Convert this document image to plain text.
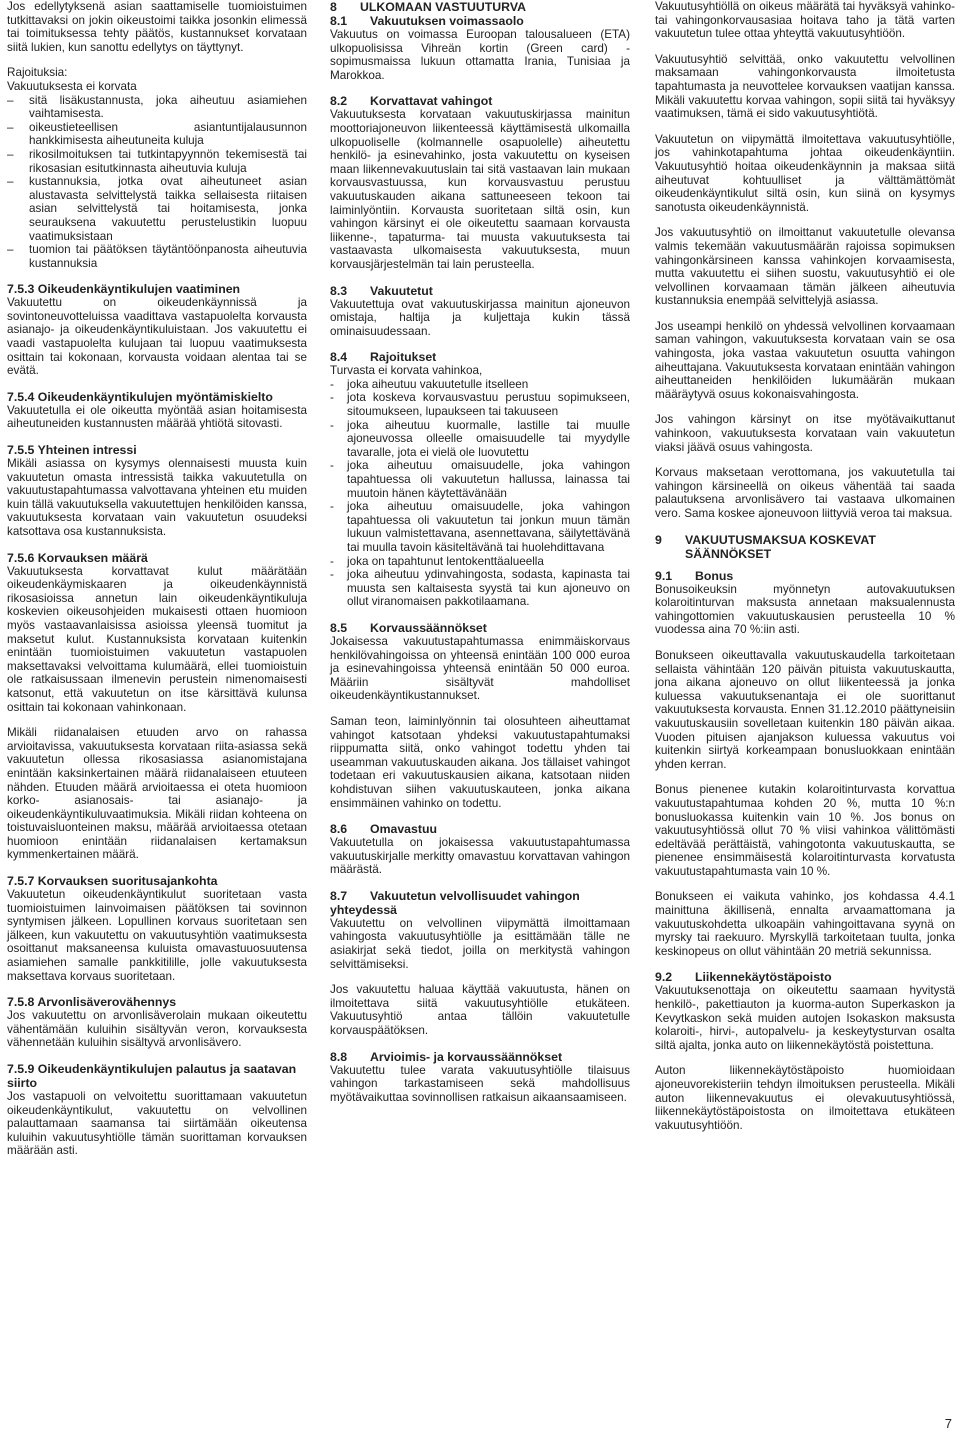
Jos edellytyksenä asian saattamiselle tuomioistuimen tutkittavaksi on jokin oikeustoimi taikka josonkin elimessä tai toimituksessa tehty päätös, kustannukset korvataan siitä lukien, kun sanottu edellytys on täyttynyt.

Rajoituksia:
Vakuutuksesta ei korvata
– sitä lisäkustannusta, joka aiheutuu asiamiehen vaihtamisesta.
– oikeustieteellisen asiantuntijalausunnon hankkimisesta aiheutuneita kuluja
– rikosilmoituksen tai tutkintapyynnön tekemisestä tai rikosasian esitutkinnasta aiheutuvia kuluja
– kustannuksia, jotka ovat aiheutuneet asian alustavasta selvittelystä taikka sellaisesta riitaisen asian selvittelystä tai hoitamisesta, jonka seurauksena vakuutettu perustelustikin luopuu vaatimuksistaan
– tuomion tai päätöksen täytäntöönpanosta aiheutuvia kustannuksia
7.5.3 Oikeudenkäyntikulujen vaatiminen

Vakuutettu on oikeudenkäynnissä ja sovintoneuvotteluissa vaadittava vastapuolelta korvausta asianajo- ja oikeudenkäyntikuluistaan. Jos vakuutettu ei vaadi vastapuolelta kulujaan tai luopuu vaatimuksesta osittain tai kokonaan, korvausta voidaan alentaa tai se evätä.

7.5.4 Oikeudenkäyntikulujen myöntämiskielto

Vakuutetulla ei ole oikeutta myöntää asian hoitamisesta aiheutuneiden kustannusten määrää yhtiötä sitovasti.

7.5.5 Yhteinen intressi

Mikäli asiassa on kysymys olennaisesti muusta kuin vakuutetun omasta intressistä taikka vakuutetulla on vakuutustapahtumassa valvottavana yhteinen etu muiden kuin tällä vakuutuksella vakuutettujen henkilöiden kanssa, vakuutuksesta korvataan vain vakuutetun osuudeksi katsottava osa kustannuksista.

7.5.6 Korvauksen määrä

Vakuutuksesta korvattavat kulut määrätään oikeudenkäymiskaaren ja oikeudenkäynnistä rikosasioissa annetun lain oikeudenkäyntikuluja koskevien oikeusohjeiden mukaisesti ottaen huomioon myös vastaavanlaisissa asioissa yleensä tuomitut ja maksetut kulut. Kustannuksista korvataan kuitenkin enintään tuomioistuimen vakuutetun vastapuolen maksettavaksi velvoittama kulumäärä, ellei tuomioistuin ole ratkaisussaan ilmenevin perustein nimenomaisesti katsonut, että vakuutetun on itse kärsittävä kulunsa osittain tai kokonaan vahinkonaan.

Mikäli riidanalaisen etuuden arvo on rahassa arvioitavissa, vakuutuksesta korvataan riita-asiassa sekä vakuutetun ollessa rikosasiassa asianomistajana enintään kaksinkertainen määrä riidanalaiseen etuuteen nähden. Etuuden määrä arvioitaessa ei oteta huomioon korko- asianosais- tai asianajo- ja oikeudenkäyntikuluvaatimuksia. Mikäli riidan kohteena on toistuvaisluonteinen maksu, määrää arvioitaessa otetaan huomioon enintään riidanalaisen kertamaksun kymmenkertainen määrä.

7.5.7 Korvauksen suoritusajankohta

Vakuutetun oikeudenkäyntikulut suoritetaan vasta tuomioistuimen lainvoimaisen päätöksen tai sovinnon syntymisen jälkeen. Lopullinen korvaus suoritetaan sen jälkeen, kun vakuutettu on vakuutusyhtiön vaatimuksesta osoittanut maksaneensa kuluista omavastuuosuutensa asiamiehen samalle pankkitilille, jolle vakuutuksesta maksettava korvaus suoritetaan.

7.5.8 Arvonlisäverovähennys

Jos vakuutettu on arvonlisäverolain mukaan oikeutettu vähentämään kuluihin sisältyvän veron, korvauksesta vähennetään kuluihin sisältyvä arvonlisävero.

7.5.9 Oikeudenkäyntikulujen palautus ja saatavan siirto

Jos vastapuoli on velvoitettu suorittamaan vakuutetun oikeudenkäyntikulut, vakuutettu on velvollinen palauttamaan saamansa tai siirtämään oikeutensa kuluihin vakuutusyhtiölle tämän suorittaman korvauksen määrään asti.

8 ULKOMAAN VASTUUTURVA
8.1 Vakuutuksen voimassaolo

Vakuutus on voimassa Euroopan talousalueen (ETA) ulkopuolisissa Vihreän kortin (Green card) -sopimusmaissa lukuun ottamatta Irania, Tunisiaa ja Marokkoa.

8.2 Korvattavat vahingot

Vakuutuksesta korvataan vakuutuskirjassa mainitun moottoriajoneuvon liikenteessä käyttämisestä ulkomailla ulkopuoliselle (kolmannelle osapuolelle) aiheutettu henkilö- ja esinevahinko, josta vakuutettu on kyseisen maan liikennevakuutuslain tai sitä vastaavan lain mukaan korvausvastuussa, kun korvausvastuu perustuu vakuutuskauden aikana sattuneeseen tekoon tai laiminlyöntiin. Korvausta suoritetaan siltä osin, kun vahingon kärsinyt ei ole oikeutettu saamaan korvausta liikenne-, tapaturma- tai muusta vakuutuksesta tai vastaavasta ulkomaisesta vakuutuksesta, muun korvausjärjestelmän tai lain perusteella.

8.3 Vakuutetut

Vakuutettuja ovat vakuutuskirjassa mainitun ajoneuvon omistaja, haltija ja kuljettaja kukin tässä ominaisuudessaan.

8.4 Rajoitukset
Turvasta ei korvata vahinkoa,
- joka aiheutuu vakuutetulle itselleen
- jota koskeva korvausvastuu perustuu sopimukseen, sitoumukseen, lupaukseen tai takuuseen
- joka aiheutuu kuormalle, lastille tai muulle ajoneuvossa olleelle omaisuudelle tai myydylle tavaralle, jota ei vielä ole luovutettu
- joka aiheutuu omaisuudelle, joka vahingon tapahtuessa oli vakuutetun hallussa, lainassa tai muutoin hänen käytettävänään
- joka aiheutuu omaisuudelle, joka vahingon tapahtuessa oli vakuutetun tai jonkun muun tämän lukuun valmistettavana, asennettavana, säilytettävänä tai muulla tavoin käsiteltävänä tai huolehdittavana
- joka on tapahtunut lentokenttäalueella
- joka aiheutuu ydinvahingosta, sodasta, kapinasta tai muusta sen kaltaisesta syystä tai kun ajoneuvo on ollut viranomaisen pakkotilaamana.
8.5 Korvaussäännökset

Jokaisessa vakuutustapahtumassa enimmäiskorvaus henkilövahingoissa on yhteensä enintään 100 000 euroa ja esinevahingoissa yhteensä enintään 50 000 euroa. Määriin sisältyvät mahdolliset oikeudenkäyntikustannukset.

Saman teon, laiminlyönnin tai olosuhteen aiheuttamat vahingot katsotaan yhdeksi vakuutustapahtumaksi riippumatta siitä, onko vahingot todettu yhden tai useamman vakuutuskauden aikana. Jos tällaiset vahingot todetaan eri vakuutuskausien aikana, katsotaan niiden kohdistuvan siihen vakuutuskauteen, jonka aikana ensimmäinen vahinko on todettu.

8.6 Omavastuu

Vakuutetulla on jokaisessa vakuutustapahtumassa vakuutuskirjalle merkitty omavastuu korvattavan vahingon määrästä.

8.7 Vakuutetun velvollisuudet vahingon yhteydessä

Vakuutettu on velvollinen viipymättä ilmoittamaan vahingosta vakuutusyhtiölle ja esittämään tälle ne asiakirjat sekä tiedot, joilla on merkitystä vahingon selvittämiseksi.

Jos vakuutettu haluaa käyttää vakuutusta, hänen on ilmoitettava siitä vakuutusyhtiölle etukäteen. Vakuutusyhtiö antaa tällöin vakuutetulle korvauspäätöksen.

8.8 Arvioimis- ja korvaussäännökset

Vakuutettu tulee varata vakuutusyhtiölle tilaisuus vahingon tarkastamiseen sekä mahdollisuus myötävaikuttaa sovinnollisen ratkaisun aikaansaamiseen.

Vakuutusyhtiöllä on oikeus määrätä tai hyväksyä vahinko- tai vahingonkorvausasiaa hoitava taho ja tätä varten vakuutetun tulee ottaa yhteyttä vakuutusyhtiöön.

Vakuutusyhtiö selvittää, onko vakuutettu velvollinen maksamaan vahingonkorvausta ilmoitetusta tapahtumasta ja neuvottelee korvauksen vaatijan kanssa. Mikäli vakuutettu korvaa vahingon, sopii siitä tai hyväksyy vaatimuksen, tämä ei sido vakuutusyhtiötä.

Vakuutetun on viipymättä ilmoitettava vakuutusyhtiölle, jos vahinkotapahtuma johtaa oikeudenkäyntiin. Vakuutusyhtiö hoitaa oikeudenkäynnin ja maksaa siitä aiheutuvat kohtuulliset ja välttämättömät oikeudenkäyntikulut siltä osin, kun siinä on kysymys sanotusta oikeudenkäynnistä.

Jos vakuutusyhtiö on ilmoittanut vakuutetulle olevansa valmis tekemään vakuutusmäärän rajoissa sopimuksen vahingonkärsineen kanssa vahinkojen korvaamisesta, mutta vakuutettu ei siihen suostu, vakuutusyhtiö ei ole velvollinen korvaamaan tämän jälkeen aiheutuvia kustannuksia enempää selvittelyjä asiassa.

Jos useampi henkilö on yhdessä velvollinen korvaamaan saman vahingon, vakuutuksesta korvataan vain se osa vahingosta, joka vastaa vakuutetun osuutta vahingon aiheuttajana. Vakuutuksesta korvataan enintään vahingon aiheuttaneiden henkilöiden lukumäärän mukaan määräytyvä osuus kokonaisvahingosta.

Jos vahingon kärsinyt on itse myötävaikuttanut vahinkoon, vakuutuksesta korvataan vain vakuutetun viaksi jäävä osuus vahingosta.

Korvaus maksetaan verottomana, jos vakuutetulla tai vahingon kärsineellä on oikeus vähentää tai saada palautuksena arvonlisävero tai vastaava ulkomainen vero. Sama koskee ajoneuvoon liittyviä veroa tai maksua.

9	VAKUUTUSMAKSUA KOSKEVAT SÄÄNNÖKSET
9.1 Bonus

Bonusoikeuksin myönnetyn autovakuutuksen kolaroitinturvan maksusta annetaan maksualennusta vahingottomien vakuutuskausien perusteella 10 % vuodessa aina 70 %:iin asti.

Bonukseen oikeuttavalla vakuutuskaudella tarkoitetaan sellaista vähintään 120 päivän pituista vakuutuskautta, jona aikana ajoneuvo on ollut liikenteessä ja jonka kuluessa vakuutuksenantaja ei ole suorittanut vakuutuksesta korvausta. Ennen 31.12.2010 päättyneisiin vakuutuskausiin sovelletaan kuitenkin 180 päivän aikaa. Vuoden pituisen ajanjakson kuluessa vakuutus voi kuitenkin siirtyä korkeampaan bonusluokkaan enintään yhden kerran.

Bonus pienenee kutakin kolaroitinturvasta korvattua vakuutustapahtumaa kohden 20 %, mutta 10 %:n bonusluokassa kuitenkin vain 10 %. Jos bonus on vakuutusyhtiössä ollut 70 % viisi vahinkoa välittömästi edeltävää perättäistä, vahingotonta vakuutuskautta, se pienenee ensimmäisestä kolaroitinturvasta korvatusta vakuutustapahtumasta vain 10 %.

Bonukseen ei vaikuta vahinko, jos kohdassa 4.4.1 mainittuna äkillisenä, ennalta arvaamattomana ja vakuutuskohdetta ulkoapäin vahingoittavana syynä on myrsky tai raekuuro. Myrskyllä tarkoitetaan tuulta, jonka keskinopeus on ollut vähintään 20 metriä sekunnissa.

9.2 Liikennekäytöstäpoisto

Vakuutuksenottaja on oikeutettu saamaan hyvitystä henkilö-, pakettiauton ja kuorma-auton Superkaskon ja Kevytkaskon sekä muiden autojen Isokaskon maksusta kolaroiti-, hirvi-, autopalvelu- ja keskeytysturvan osalta siltä ajalta, jonka auto on liikennekäytöstä poistettuna.

Auton liikennekäytöstäpoisto huomioidaan ajoneuvorekisteriin tehdyn ilmoituksen perusteella. Mikäli auton liikennevakuutus ei olevakuutusyhtiössä, liikennekäytöstäpoistosta on ilmoitettava etukäteen vakuutusyhtiöön.

7
